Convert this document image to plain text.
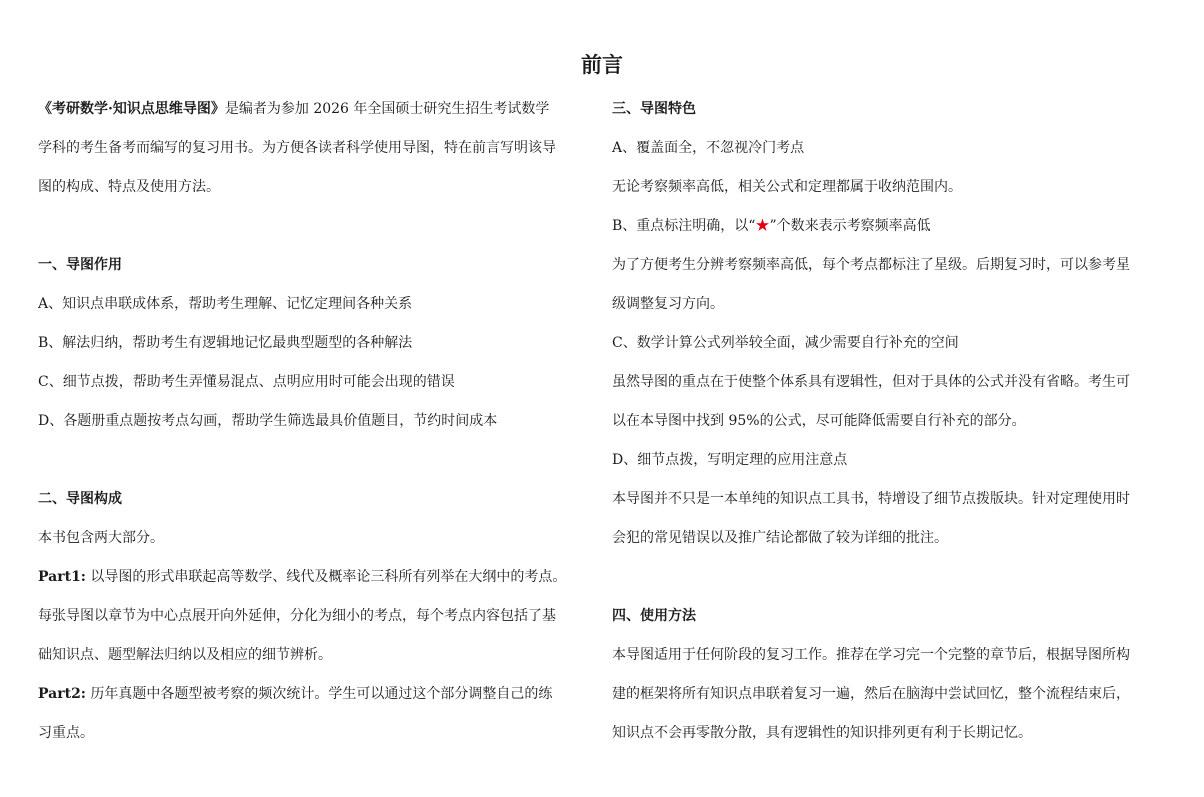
前言

《考研数学·知识点思维导图》是编者为参加 2026 年全国硕士研究生招生考试数学

学科的考生备考而编写的复习用书。为方便各读者科学使用导图，特在前言写明该导

图的构成、特点及使用方法。

一、导图作用

A、知识点串联成体系，帮助考生理解、记忆定理间各种关系

B、解法归纳，帮助考生有逻辑地记忆最典型题型的各种解法

C、细节点拨，帮助考生弄懂易混点、点明应用时可能会出现的错误

D、各题册重点题按考点勾画，帮助学生筛选最具价值题目，节约时间成本

二、导图构成

本书包含两大部分。

Part1: 以导图的形式串联起高等数学、线代及概率论三科所有列举在大纲中的考点。

每张导图以章节为中心点展开向外延伸，分化为细小的考点，每个考点内容包括了基

础知识点、题型解法归纳以及相应的细节辨析。

Part2: 历年真题中各题型被考察的频次统计。学生可以通过这个部分调整自己的练

习重点。

三、导图特色

A、覆盖面全，不忽视冷门考点

无论考察频率高低，相关公式和定理都属于收纳范围内。

B、重点标注明确，以“★”个数来表示考察频率高低

为了方便考生分辨考察频率高低，每个考点都标注了星级。后期复习时，可以参考星

级调整复习方向。

C、数学计算公式列举较全面，减少需要自行补充的空间

虽然导图的重点在于使整个体系具有逻辑性，但对于具体的公式并没有省略。考生可

以在本导图中找到 95%的公式，尽可能降低需要自行补充的部分。

D、细节点拨，写明定理的应用注意点

本导图并不只是一本单纯的知识点工具书，特增设了细节点拨版块。针对定理使用时

会犯的常见错误以及推广结论都做了较为详细的批注。

四、使用方法

本导图适用于任何阶段的复习工作。推荐在学习完一个完整的章节后，根据导图所构

建的框架将所有知识点串联着复习一遍，然后在脑海中尝试回忆，整个流程结束后，

知识点不会再零散分散，具有逻辑性的知识排列更有利于长期记忆。
